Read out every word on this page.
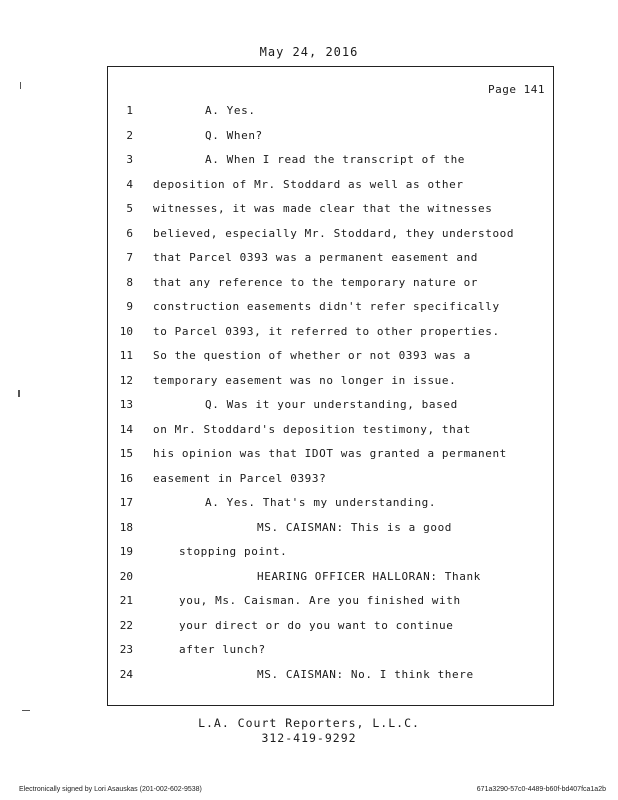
May 24, 2016
Page 141
1	A. Yes.
2	Q. When?
3	A. When I read the transcript of the
4 deposition of Mr. Stoddard as well as other
5 witnesses, it was made clear that the witnesses
6 believed, especially Mr. Stoddard, they understood
7 that Parcel 0393 was a permanent easement and
8 that any reference to the temporary nature or
9 construction easements didn't refer specifically
10 to Parcel 0393, it referred to other properties.
11 So the question of whether or not 0393 was a
12 temporary easement was no longer in issue.
13	Q. Was it your understanding, based
14 on Mr. Stoddard's deposition testimony, that
15 his opinion was that IDOT was granted a permanent
16 easement in Parcel 0393?
17	A. Yes. That's my understanding.
18	MS. CAISMAN: This is a good
19	stopping point.
20	HEARING OFFICER HALLORAN: Thank
21	you, Ms. Caisman. Are you finished with
22	your direct or do you want to continue
23	after lunch?
24	MS. CAISMAN: No. I think there
L.A. Court Reporters, L.L.C.
312-419-9292
Electronically signed by Lori Asauskas (201-002-602-9538)	671a3290-57c0-4489-b60f-bd407fca1a2b
